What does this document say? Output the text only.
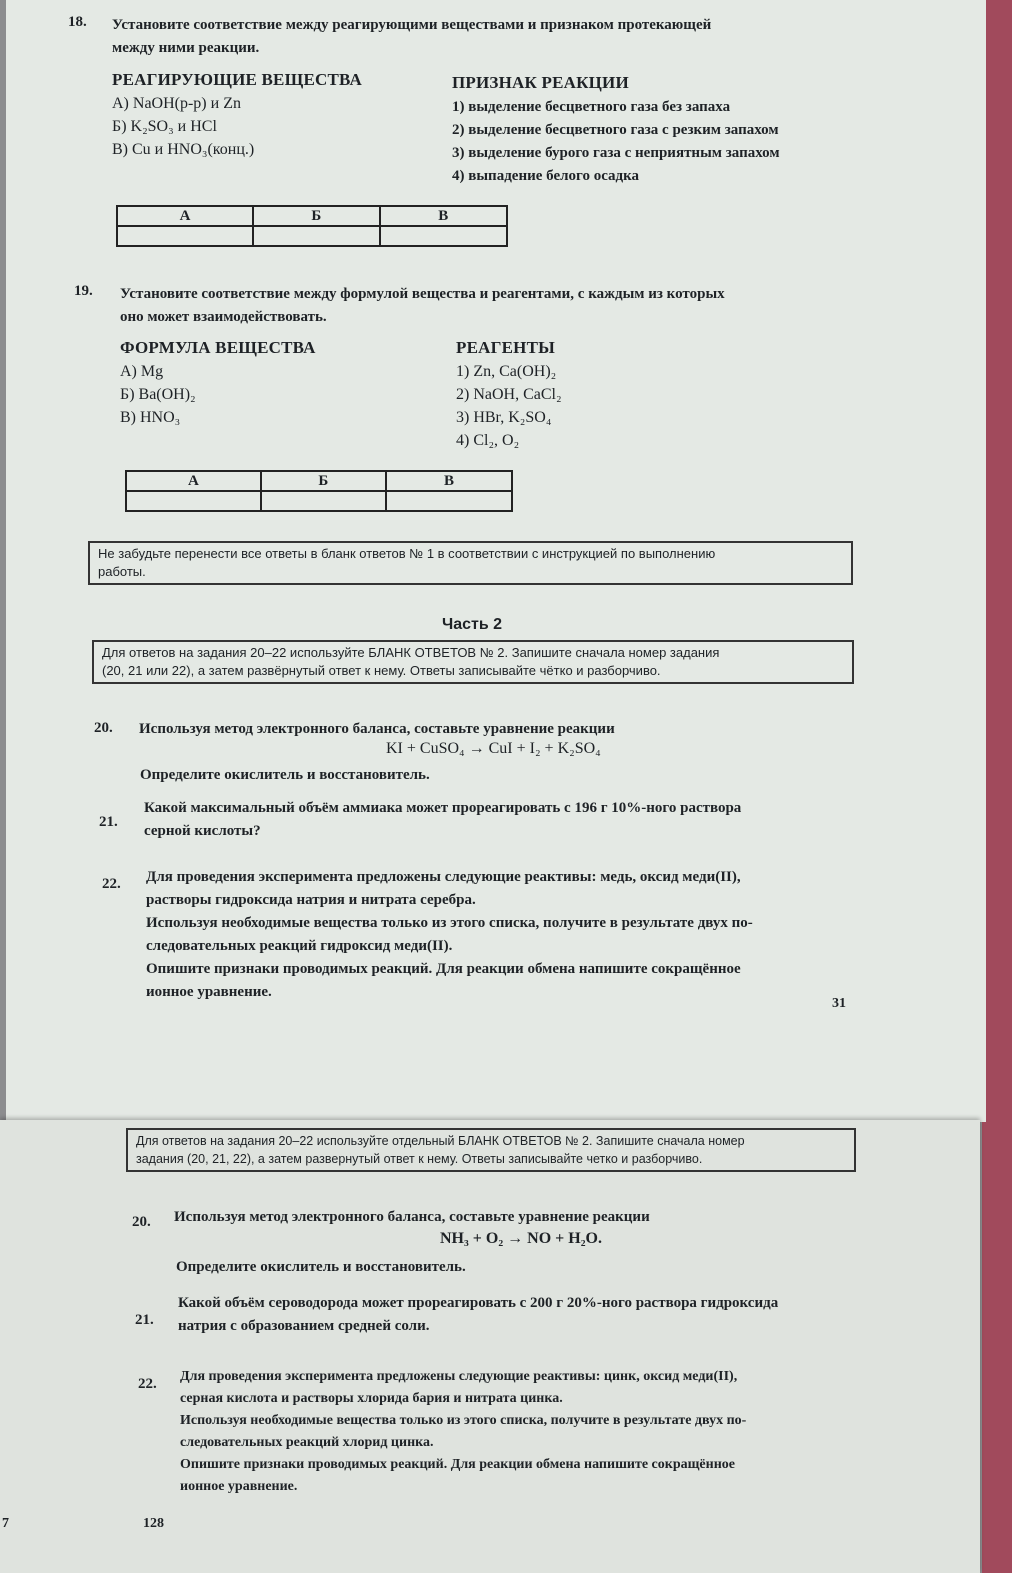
18. Установите соответствие между реагирующими веществами и признаком протекающей
между ними реакции.
РЕАГИРУЮЩИЕ ВЕЩЕСТВА
А) NaOH(р-р) и Zn
Б) K₂SO₃ и HCl
В) Cu и HNO₃(конц.)
ПРИЗНАК РЕАКЦИИ
1) выделение бесцветного газа без запаха
2) выделение бесцветного газа с резким запахом
3) выделение бурого газа с неприятным запахом
4) выпадение белого осадка
А	Б	В

19. Установите соответствие между формулой вещества и реагентами, с каждым из которых
оно может взаимодействовать.
ФОРМУЛА ВЕЩЕСТВА
А) Mg
Б) Ba(OH)₂
В) HNO₃
РЕАГЕНТЫ
1) Zn, Ca(OH)₂
2) NaOH, CaCl₂
3) HBr, K₂SO₄
4) Cl₂, O₂
А	Б	В

Не забудьте перенести все ответы в бланк ответов № 1 в соответствии с инструкцией по выполнению
работы.
Часть 2
Для ответов на задания 20–22 используйте БЛАНК ОТВЕТОВ № 2. Запишите сначала номер задания
(20, 21 или 22), а затем развёрнутый ответ к нему. Ответы записывайте чётко и разборчиво.
20. Используя метод электронного баланса, составьте уравнение реакции
KI + CuSO₄ → CuI + I₂ + K₂SO₄
Определите окислитель и восстановитель.
21.
Какой максимальный объём аммиака может прореагировать с 196 г 10%-ного раствора
серной кислоты?
22. Для проведения эксперимента предложены следующие реактивы: медь, оксид меди(II),
растворы гидроксида натрия и нитрата серебра.
Используя необходимые вещества только из этого списка, получите в результате двух по-
следовательных реакций гидроксид меди(II).
Опишите признаки проводимых реакций. Для реакции обмена напишите сокращённое
ионное уравнение.
31
Для ответов на задания 20–22 используйте отдельный БЛАНК ОТВЕТОВ № 2. Запишите сначала номер
задания (20, 21, 22), а затем развернутый ответ к нему. Ответы записывайте четко и разборчиво.
20. Используя метод электронного баланса, составьте уравнение реакции
NH₃ + O₂ → NO + H₂O.
Определите окислитель и восстановитель.
21.
Какой объём сероводорода может прореагировать с 200 г 20%-ного раствора гидроксида
натрия с образованием средней соли.
22. Для проведения эксперимента предложены следующие реактивы: цинк, оксид меди(II),
серная кислота и растворы хлорида бария и нитрата цинка.
Используя необходимые вещества только из этого списка, получите в результате двух по-
следовательных реакций хлорид цинка.
Опишите признаки проводимых реакций. Для реакции обмена напишите сокращённое
ионное уравнение.
7	128
